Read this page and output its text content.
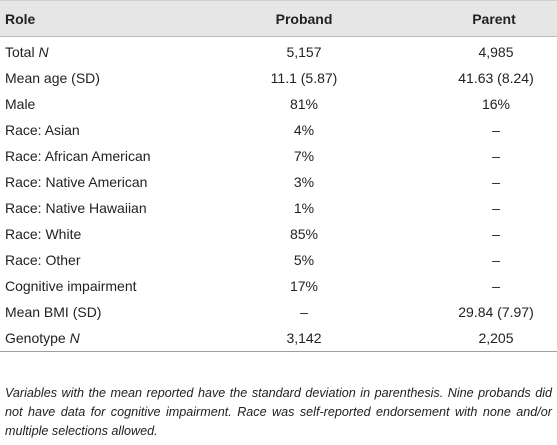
Role	Proband	Parent
Total N	5,157	4,985
Mean age (SD)	11.1 (5.87)	41.63 (8.24)
Male	81%	16%
Race: Asian	4%	–
Race: African American	7%	–
Race: Native American	3%	–
Race: Native Hawaiian	1%	–
Race: White	85%	–
Race: Other	5%	–
Cognitive impairment	17%	–
Mean BMI (SD)	–	29.84 (7.97)
Genotype N	3,142	2,205
Variables with the mean reported have the standard deviation in parenthesis. Nine probands did not have data for cognitive impairment. Race was self-reported endorsement with none and/or multiple selections allowed.
